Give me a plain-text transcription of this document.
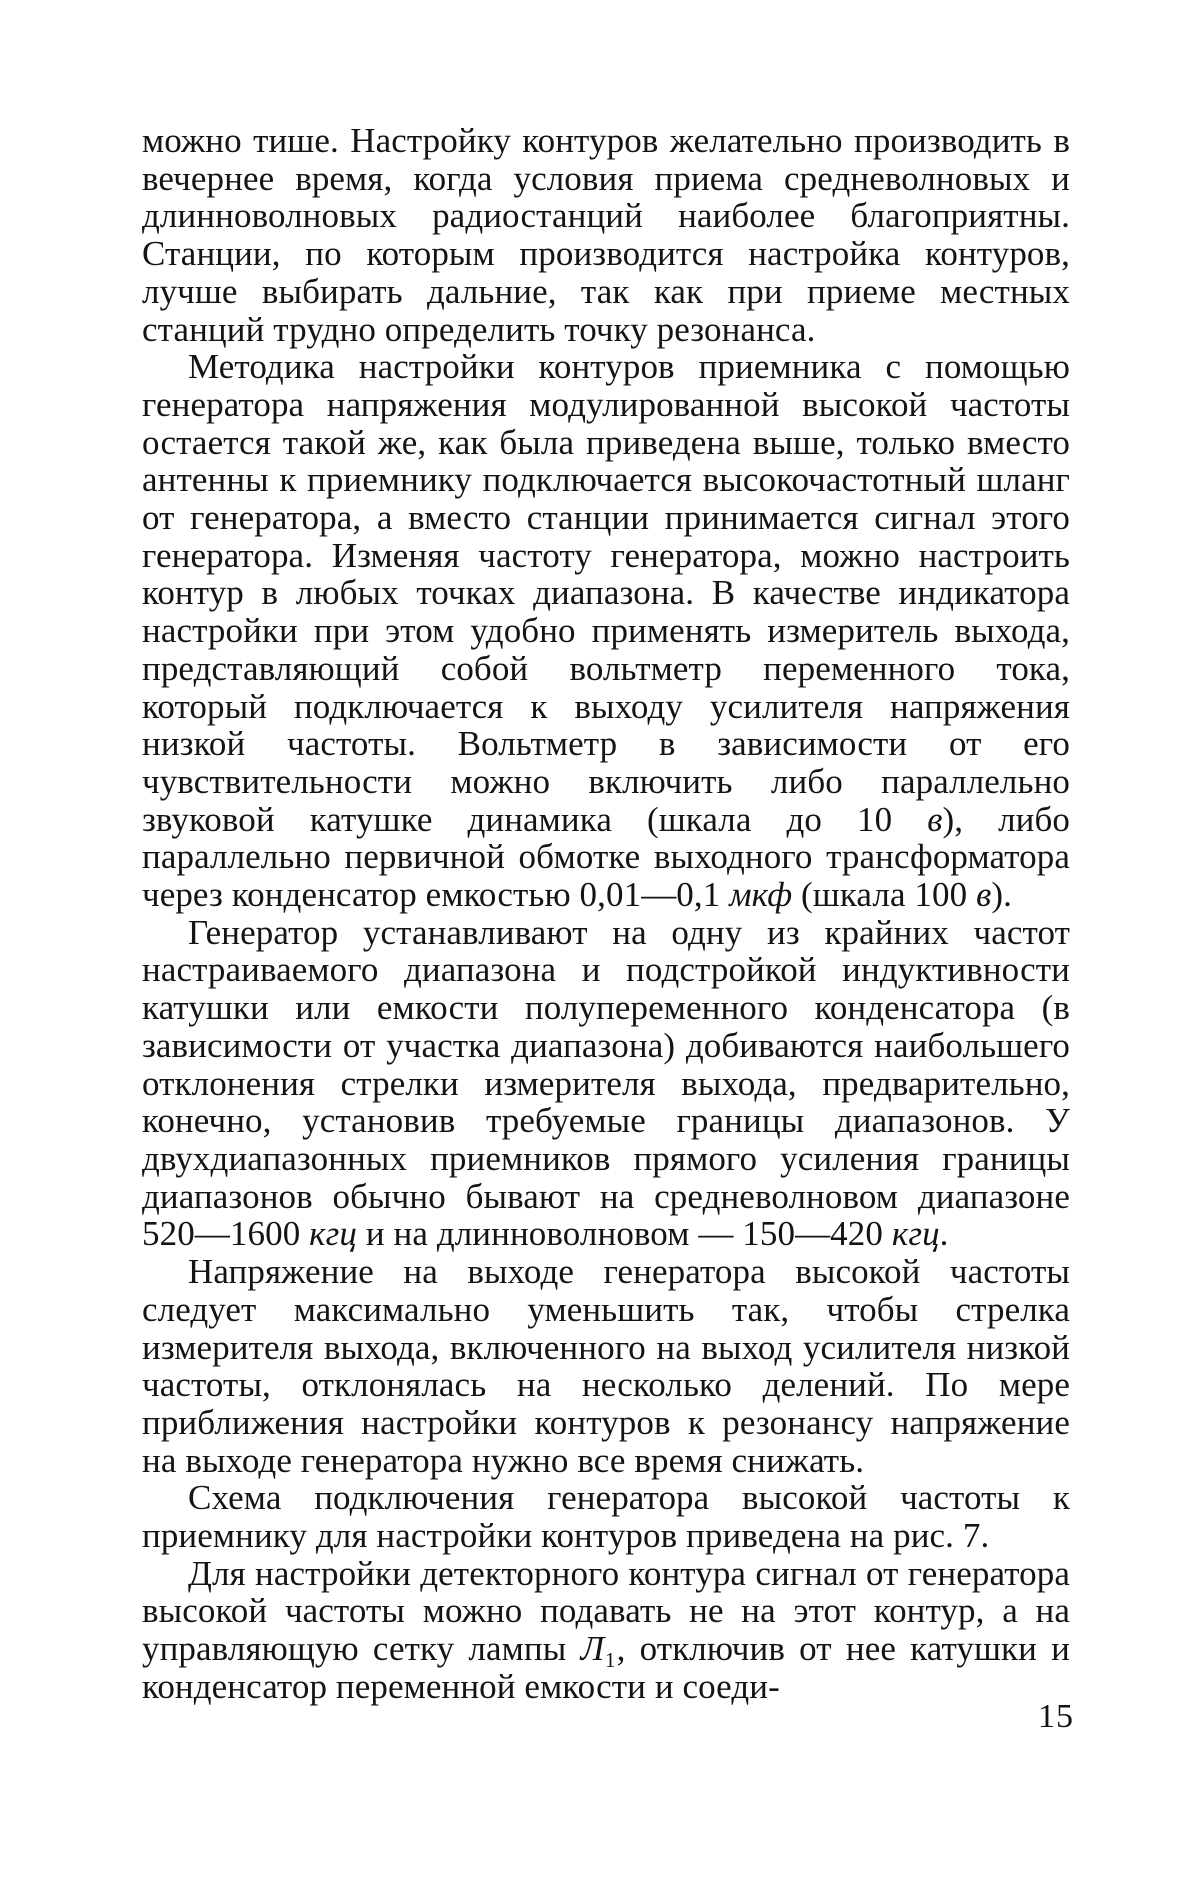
можно тише. Настройку контуров желательно производить в вечернее время, когда условия приема средневолновых и длинноволновых радиостанций наиболее благоприятны. Станции, по которым производится настройка контуров, лучше выбирать дальние, так как при приеме местных станций трудно определить точку резонанса.

Методика настройки контуров приемника с помощью генератора напряжения модулированной высокой частоты остается такой же, как была приведена выше, только вместо антенны к приемнику подключается высокочастотный шланг от генератора, а вместо станции принимается сигнал этого генератора. Изменяя частоту генератора, можно настроить контур в любых точках диапазона. В качестве индикатора настройки при этом удобно применять измеритель выхода, представляющий собой вольтметр переменного тока, который подключается к выходу усилителя напряжения низкой частоты. Вольтметр в зависимости от его чувствительности можно включить либо параллельно звуковой катушке динамика (шкала до 10 в), либо параллельно первичной обмотке выходного трансформатора через конденсатор емкостью 0,01—0,1 мкф (шкала 100 в).

Генератор устанавливают на одну из крайних частот настраиваемого диапазона и подстройкой индуктивности катушки или емкости полупеременного конденсатора (в зависимости от участка диапазона) добиваются наибольшего отклонения стрелки измерителя выхода, предварительно, конечно, установив требуемые границы диапазонов. У двухдиапазонных приемников прямого усиления границы диапазонов обычно бывают на средневолновом диапазоне 520—1600 кгц и на длинноволновом — 150—420 кгц.

Напряжение на выходе генератора высокой частоты следует максимально уменьшить так, чтобы стрелка измерителя выхода, включенного на выход усилителя низкой частоты, отклонялась на несколько делений. По мере приближения настройки контуров к резонансу напряжение на выходе генератора нужно все время снижать.

Схема подключения генератора высокой частоты к приемнику для настройки контуров приведена на рис. 7.

Для настройки детекторного контура сигнал от генератора высокой частоты можно подавать не на этот контур, а на управляющую сетку лампы Л₁, отключив от нее катушки и конденсатор переменной емкости и соеди-

15
